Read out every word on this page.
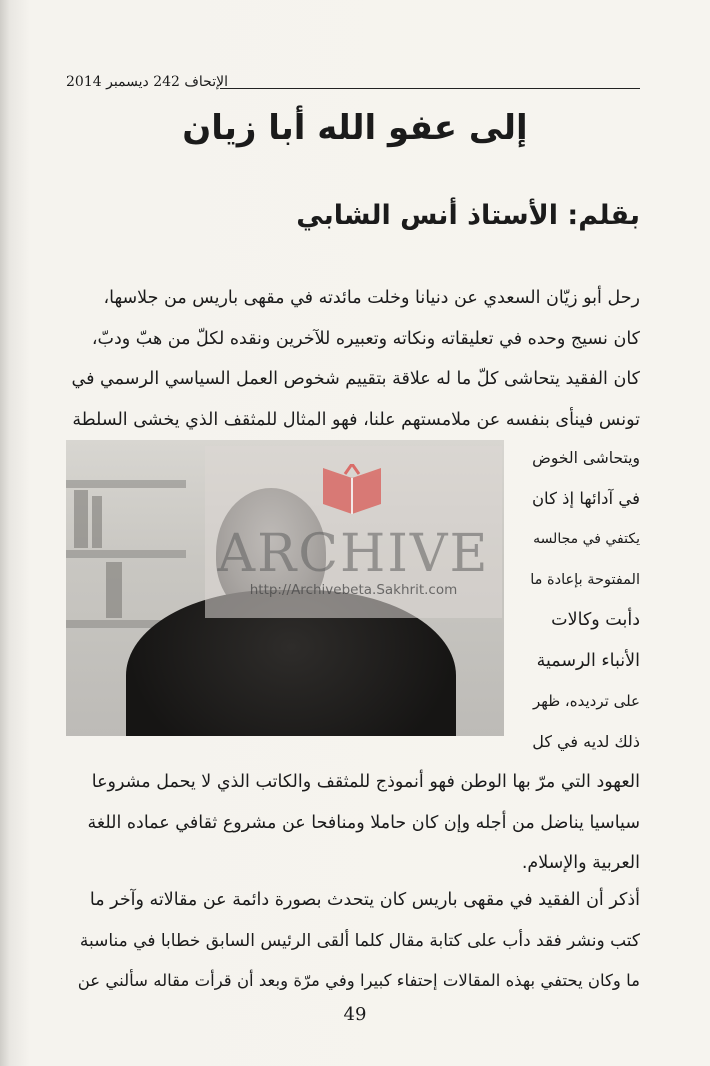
الإتحاف 242 ديسمبر 2014
إلى عفو الله أبا زيان
بقلم: الأستاذ أنس الشابي
رحل أبو زيّان السعدي عن دنيانا وخلت مائدته في مقهى باريس من جلاسها،
كان نسيج وحده في تعليقاته ونكاته وتعبيره للآخرين ونقده لكلّ من هبّ ودبّ،
كان الفقيد يتحاشى كلّ ما له علاقة بتقييم شخوص العمل السياسي الرسمي في
تونس فينأى بنفسه عن ملامستهم علنا، فهو المثال للمثقف الذي يخشى السلطة
ويتحاشى الخوض
في آدائها إذ كان
يكتفي في مجالسه
المفتوحة بإعادة ما
دأبت وكالات
الأنباء الرسمية
على ترديده، ظهر
ذلك لديه في كل
ARCHIVE
http://Archivebeta.Sakhrit.com
العهود التي مرّ بها الوطن فهو أنموذج للمثقف والكاتب الذي لا يحمل مشروعا
سياسيا يناضل من أجله وإن كان حاملا ومنافحا عن مشروع ثقافي عماده اللغة
العربية والإسلام.
أذكر أن الفقيد في مقهى باريس كان يتحدث بصورة دائمة عن مقالاته وآخر ما
كتب ونشر فقد دأب على كتابة مقال كلما ألقى الرئيس السابق خطابا في مناسبة
ما وكان يحتفي بهذه المقالات إحتفاء كبيرا وفي مرّة وبعد أن قرأت مقاله سألني عن
49
